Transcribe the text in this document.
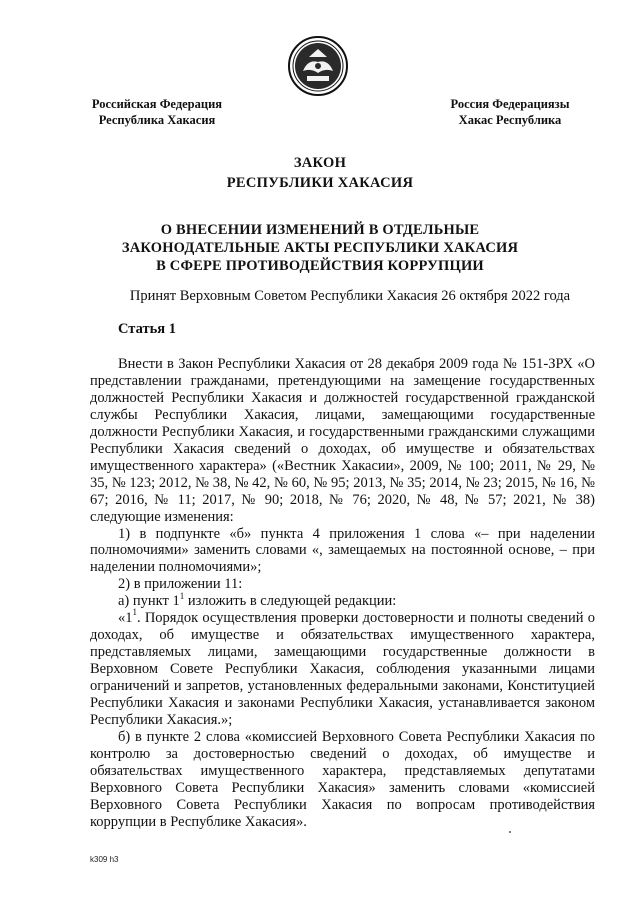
Российская Федерация
Республика Хакасия
Россия Федерациязы
Хакас Республика
ЗАКОН
РЕСПУБЛИКИ ХАКАСИЯ
О ВНЕСЕНИИ ИЗМЕНЕНИЙ В ОТДЕЛЬНЫЕ
ЗАКОНОДАТЕЛЬНЫЕ АКТЫ РЕСПУБЛИКИ ХАКАСИЯ
В СФЕРЕ ПРОТИВОДЕЙСТВИЯ КОРРУПЦИИ
Принят Верховным Советом Республики Хакасия 26 октября 2022 года
Статья 1

Внести в Закон Республики Хакасия от 28 декабря 2009 года № 151-ЗРХ «О представлении гражданами, претендующими на замещение государственных должностей Республики Хакасия и должностей государственной гражданской службы Республики Хакасия, лицами, замещающими государственные должности Республики Хакасия, и государственными гражданскими служащими Республики Хакасия сведений о доходах, об имуществе и обязательствах имущественного характера» («Вестник Хакасии», 2009, № 100; 2011, № 29, № 35, № 123; 2012, № 38, № 42, № 60, № 95; 2013, № 35; 2014, № 23; 2015, № 16, № 67; 2016, № 11; 2017, № 90; 2018, № 76; 2020, № 48, № 57; 2021, № 38) следующие изменения:

1) в подпункте «б» пункта 4 приложения 1 слова «– при наделении полномочиями» заменить словами «, замещаемых на постоянной основе, – при наделении полномочиями»;

2) в приложении 11:

а) пункт $1^1$ изложить в следующей редакции:

«$1^1$. Порядок осуществления проверки достоверности и полноты сведений о доходах, об имуществе и обязательствах имущественного характера, представляемых лицами, замещающими государственные должности в Верховном Совете Республики Хакасия, соблюдения указанными лицами ограничений и запретов, установленных федеральными законами, Конституцией Республики Хакасия и законами Республики Хакасия, устанавливается законом Республики Хакасия.»;

б) в пункте 2 слова «комиссией Верховного Совета Республики Хакасия по контролю за достоверностью сведений о доходах, об имуществе и обязательствах имущественного характера, представляемых депутатами Верховного Совета Республики Хакасия» заменить словами «комиссией Верховного Совета Республики Хакасия по вопросам противодействия коррупции в Республике Хакасия».

k309 h3
